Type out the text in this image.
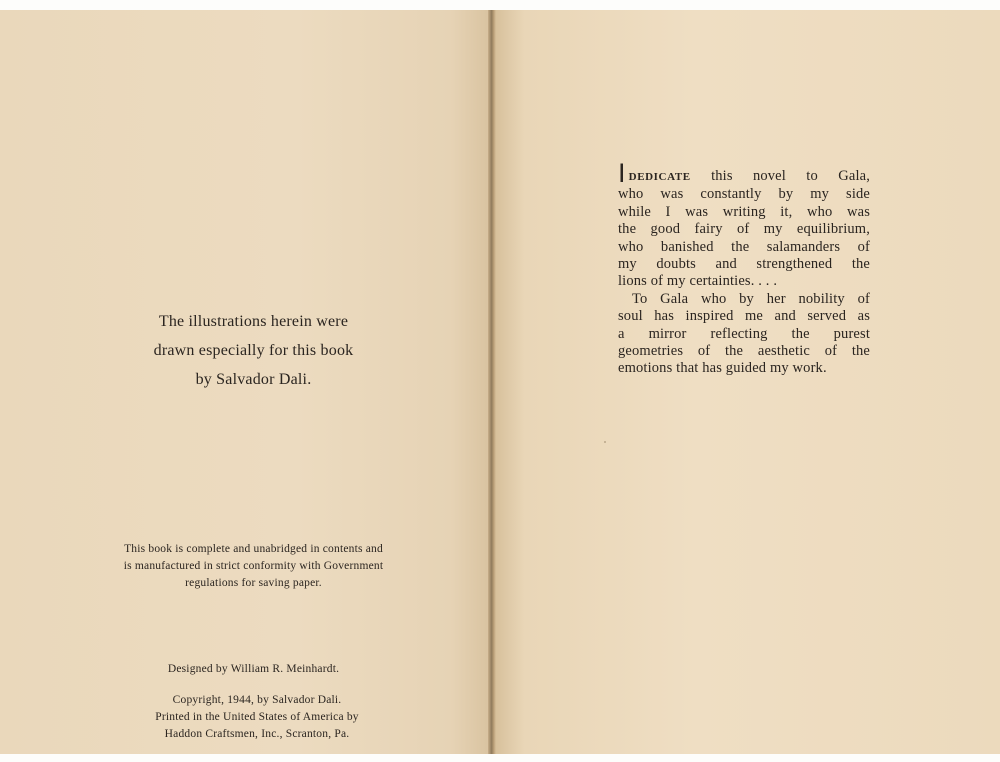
The illustrations herein were
drawn especially for this book
by Salvador Dali.
This book is complete and unabridged in contents and
is manufactured in strict conformity with Government
regulations for saving paper.
Designed by William R. Meinhardt.
Copyright, 1944, by Salvador Dali.
Printed in the United States of America by
Haddon Craftsmen, Inc., Scranton, Pa.
IDEDICATE this novel to Gala,
who was constantly by my side
while I was writing it, who was
the good fairy of my equilibrium,
who banished the salamanders of
my doubts and strengthened the
lions of my certainties. . . .
To Gala who by her nobility of
soul has inspired me and served as
a mirror reflecting the purest
geometries of the aesthetic of the
emotions that has guided my work.
